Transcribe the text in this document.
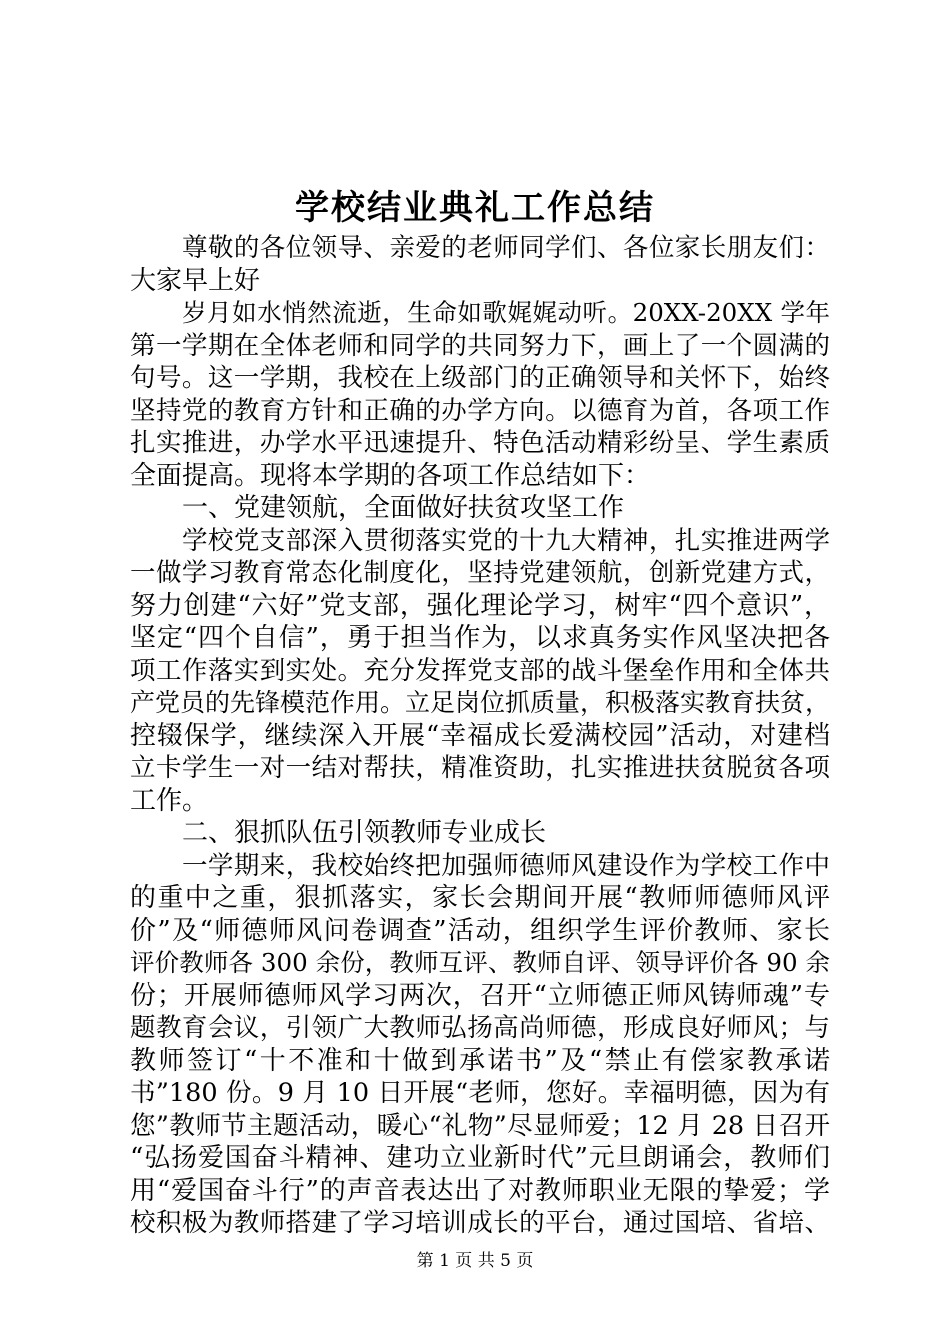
学校结业典礼工作总结
尊敬的各位领导、亲爱的老师同学们、各位家长朋友们：
大家早上好
岁月如水悄然流逝，生命如歌娓娓动听。20XX-20XX 学年
第一学期在全体老师和同学的共同努力下，画上了一个圆满的
句号。这一学期，我校在上级部门的正确领导和关怀下，始终
坚持党的教育方针和正确的办学方向。以德育为首，各项工作
扎实推进，办学水平迅速提升、特色活动精彩纷呈、学生素质
全面提高。现将本学期的各项工作总结如下：
一、党建领航，全面做好扶贫攻坚工作
学校党支部深入贯彻落实党的十九大精神，扎实推进两学
一做学习教育常态化制度化，坚持党建领航，创新党建方式，
努力创建“六好”党支部，强化理论学习，树牢“四个意识”，
坚定“四个自信”，勇于担当作为，以求真务实作风坚决把各
项工作落实到实处。充分发挥党支部的战斗堡垒作用和全体共
产党员的先锋模范作用。立足岗位抓质量，积极落实教育扶贫，
控辍保学，继续深入开展“幸福成长爱满校园”活动，对建档
立卡学生一对一结对帮扶，精准资助，扎实推进扶贫脱贫各项
工作。
二、狠抓队伍引领教师专业成长
一学期来，我校始终把加强师德师风建设作为学校工作中
的重中之重，狠抓落实，家长会期间开展“教师师德师风评
价”及“师德师风问卷调查”活动，组织学生评价教师、家长
评价教师各 300 余份，教师互评、教师自评、领导评价各 90 余
份；开展师德师风学习两次，召开“立师德正师风铸师魂”专
题教育会议，引领广大教师弘扬高尚师德，形成良好师风；与
教师签订“十不准和十做到承诺书”及“禁止有偿家教承诺
书”180 份。9 月 10 日开展“老师，您好。幸福明德，因为有
您”教师节主题活动，暖心“礼物”尽显师爱；12 月 28 日召开
“弘扬爱国奋斗精神、建功立业新时代”元旦朗诵会，教师们
用“爱国奋斗行”的声音表达出了对教师职业无限的挚爱；学
校积极为教师搭建了学习培训成长的平台，通过国培、省培、
第 1 页 共 5 页
